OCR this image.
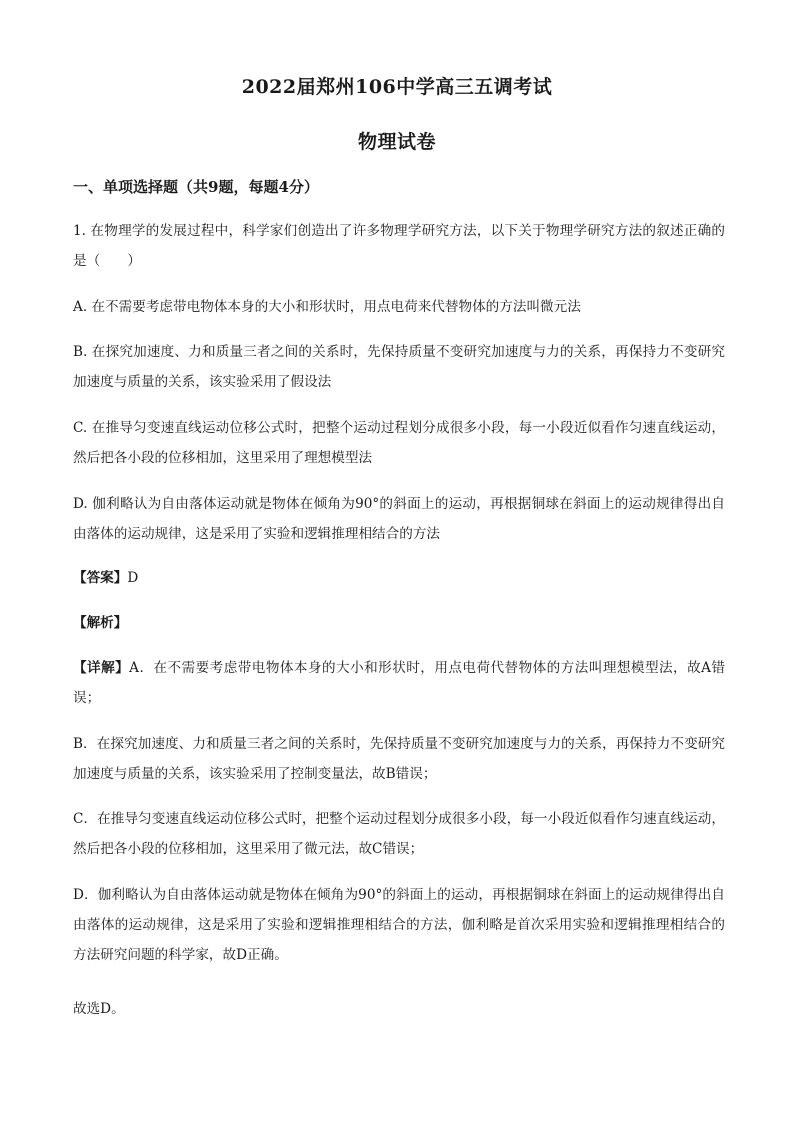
2022届郑州106中学高三五调考试
物理试卷
一、单项选择题（共9题，每题4分）
1. 在物理学的发展过程中，科学家们创造出了许多物理学研究方法，以下关于物理学研究方法的叙述正确的是（　　）
A. 在不需要考虑带电物体本身的大小和形状时，用点电荷来代替物体的方法叫微元法
B. 在探究加速度、力和质量三者之间的关系时，先保持质量不变研究加速度与力的关系，再保持力不变研究加速度与质量的关系，该实验采用了假设法
C. 在推导匀变速直线运动位移公式时，把整个运动过程划分成很多小段，每一小段近似看作匀速直线运动，然后把各小段的位移相加，这里采用了理想模型法
D. 伽利略认为自由落体运动就是物体在倾角为90°的斜面上的运动，再根据铜球在斜面上的运动规律得出自由落体的运动规律，这是采用了实验和逻辑推理相结合的方法
【答案】D
【解析】
【详解】A．在不需要考虑带电物体本身的大小和形状时，用点电荷代替物体的方法叫理想模型法，故A错误；
B．在探究加速度、力和质量三者之间的关系时，先保持质量不变研究加速度与力的关系，再保持力不变研究加速度与质量的关系，该实验采用了控制变量法，故B错误；
C．在推导匀变速直线运动位移公式时，把整个运动过程划分成很多小段，每一小段近似看作匀速直线运动，然后把各小段的位移相加，这里采用了微元法，故C错误；
D．伽利略认为自由落体运动就是物体在倾角为90°的斜面上的运动，再根据铜球在斜面上的运动规律得出自由落体的运动规律，这是采用了实验和逻辑推理相结合的方法，伽利略是首次采用实验和逻辑推理相结合的方法研究问题的科学家，故D正确。
故选D。
